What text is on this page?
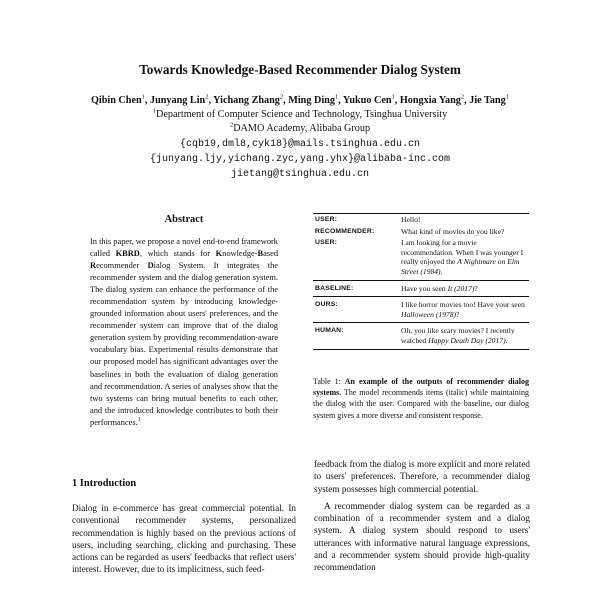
Towards Knowledge-Based Recommender Dialog System
Qibin Chen$^1$, Junyang Lin$^2$, Yichang Zhang$^2$, Ming Ding$^1$, Yukuo Cen$^1$, Hongxia Yang$^2$, Jie Tang$^1$
$^1$Department of Computer Science and Technology, Tsinghua University
$^2$DAMO Academy, Alibaba Group
{cqb19,dml8,cyk18}@mails.tsinghua.edu.cn
{junyang.ljy,yichang.zyc,yang.yhx}@alibaba-inc.com
jietang@tsinghua.edu.cn
Abstract
In this paper, we propose a novel end-to-end framework called KBRD, which stands for Knowledge-Based Recommender Dialog System. It integrates the recommender system and the dialog generation system. The dialog system can enhance the performance of the recommendation system by introducing knowledge-grounded information about users' preferences, and the recommender system can improve that of the dialog generation system by providing recommendation-aware vocabulary bias. Experimental results demonstrate that our proposed model has significant advantages over the baselines in both the evaluation of dialog generation and recommendation. A series of analyses show that the two systems can bring mutual benefits to each other, and the introduced knowledge contributes to both their performances.$^1$
USER:	Hello!
RECOMMENDER:	What kind of movies do you like?
USER:	I am looking for a movie recommendation. When I was younger I really enjoyed the A Nightmare on Elm Street (1984).
BASELINE:	Have you seen It (2017)?
OURS:	I like horror movies too! Have your seen Halloween (1978)?
HUMAN:	Oh, you like scary movies? I recently watched Happy Death Day (2017).
Table 1: An example of the outputs of recommender dialog systems. The model recommends items (italic) while maintaining the dialog with the user. Compared with the baseline, our dialog system gives a more diverse and consistent response.
1 Introduction

Dialog in e-commerce has great commercial potential. In conventional recommender systems, personalized recommendation is highly based on the previous actions of users, including searching, clicking and purchasing. These actions can be regarded as users' feedbacks that reflect users' interest. However, due to its implicitness, such feed-

feedback from the dialog is more explicit and more related to users' preferences. Therefore, a recommender dialog system possesses high commercial potential.

A recommender dialog system can be regarded as a combination of a recommender system and a dialog system. A dialog system should respond to users' utterances with informative natural language expressions, and a recommender system should provide high-quality recommendation
